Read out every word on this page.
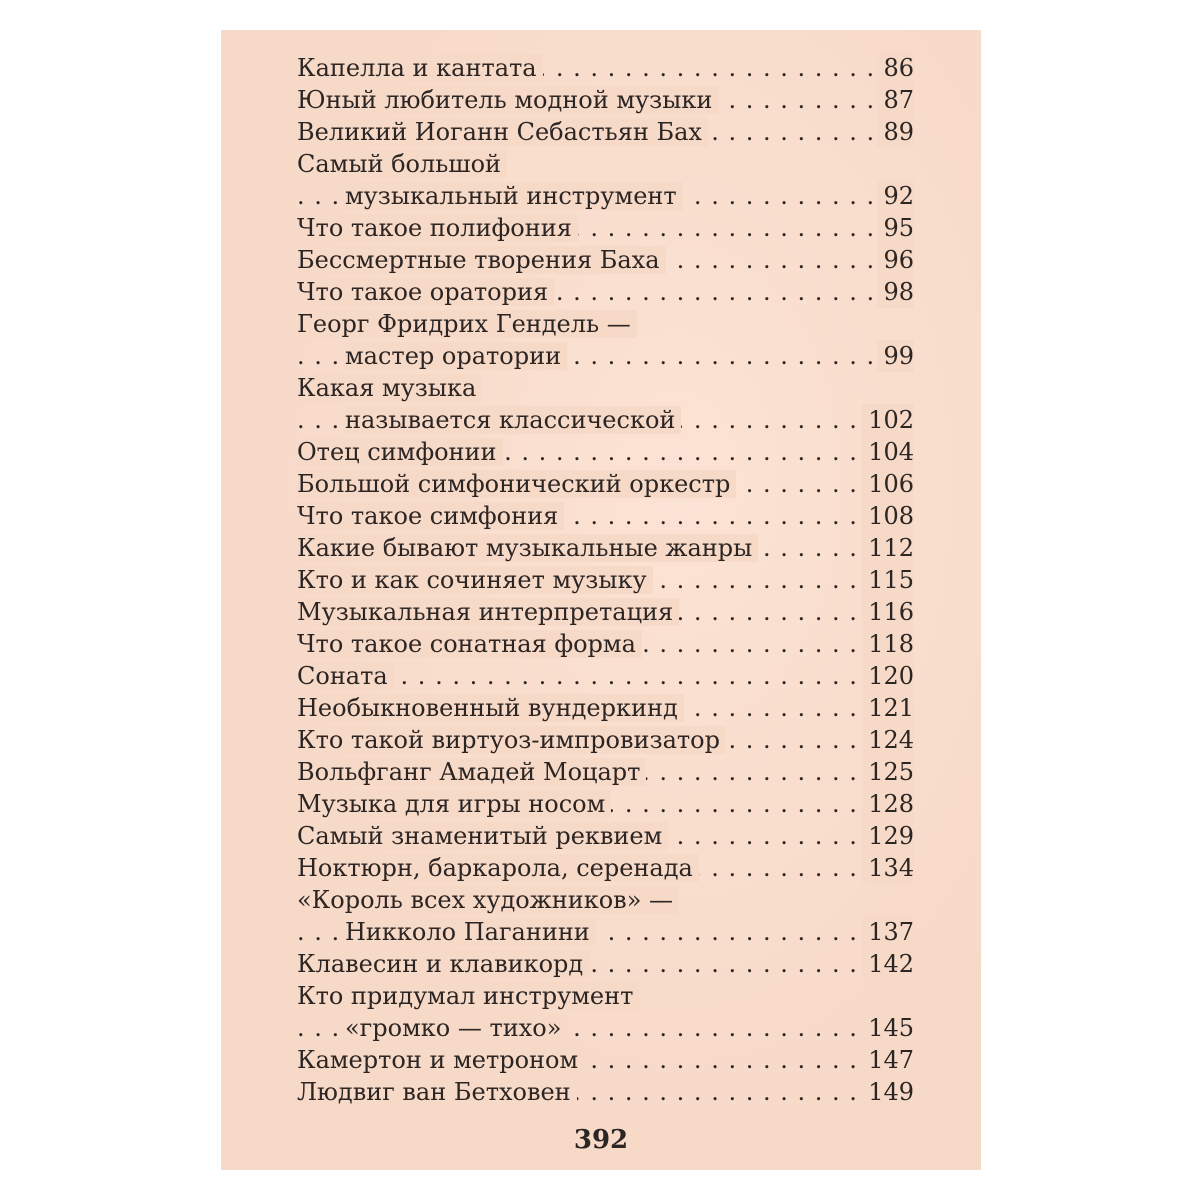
Капелла и кантата	86
. . .
Юный любитель модной музыки	87
. . .
Великий Иоганн Себастьян Бах	89
. . .
Самый большой
музыкальный инструмент	92
. . .
Что такое полифония	95
. . .
Бессмертные творения Баха	96
. . .
Что такое оратория	98
. . .
Георг Фридрих Гендель —
мастер оратории	99
. . .
Какая музыка
называется классической	102
. . .
Отец симфонии	104
. . .
Большой симфонический оркестр	106
. . .
Что такое симфония	108
. . .
Какие бывают музыкальные жанры	112
. . .
Кто и как сочиняет музыку	115
. . .
Музыкальная интерпретация	116
. . .
Что такое сонатная форма	118
. . .
Соната	120
. . .
Необыкновенный вундеркинд	121
. . .
Кто такой виртуоз-импровизатор	124
. . .
Вольфганг Амадей Моцарт	125
. . .
Музыка для игры носом	128
. . .
Самый знаменитый реквием	129
. . .
Ноктюрн, баркарола, серенада	134
. . .
«Король всех художников» —
Никколо Паганини	137
. . .
Клавесин и клавикорд	142
. . .
Кто придумал инструмент
«громко — тихо»	145
. . .
Камертон и метроном	147
. . .
Людвиг ван Бетховен	149
. . .
392
